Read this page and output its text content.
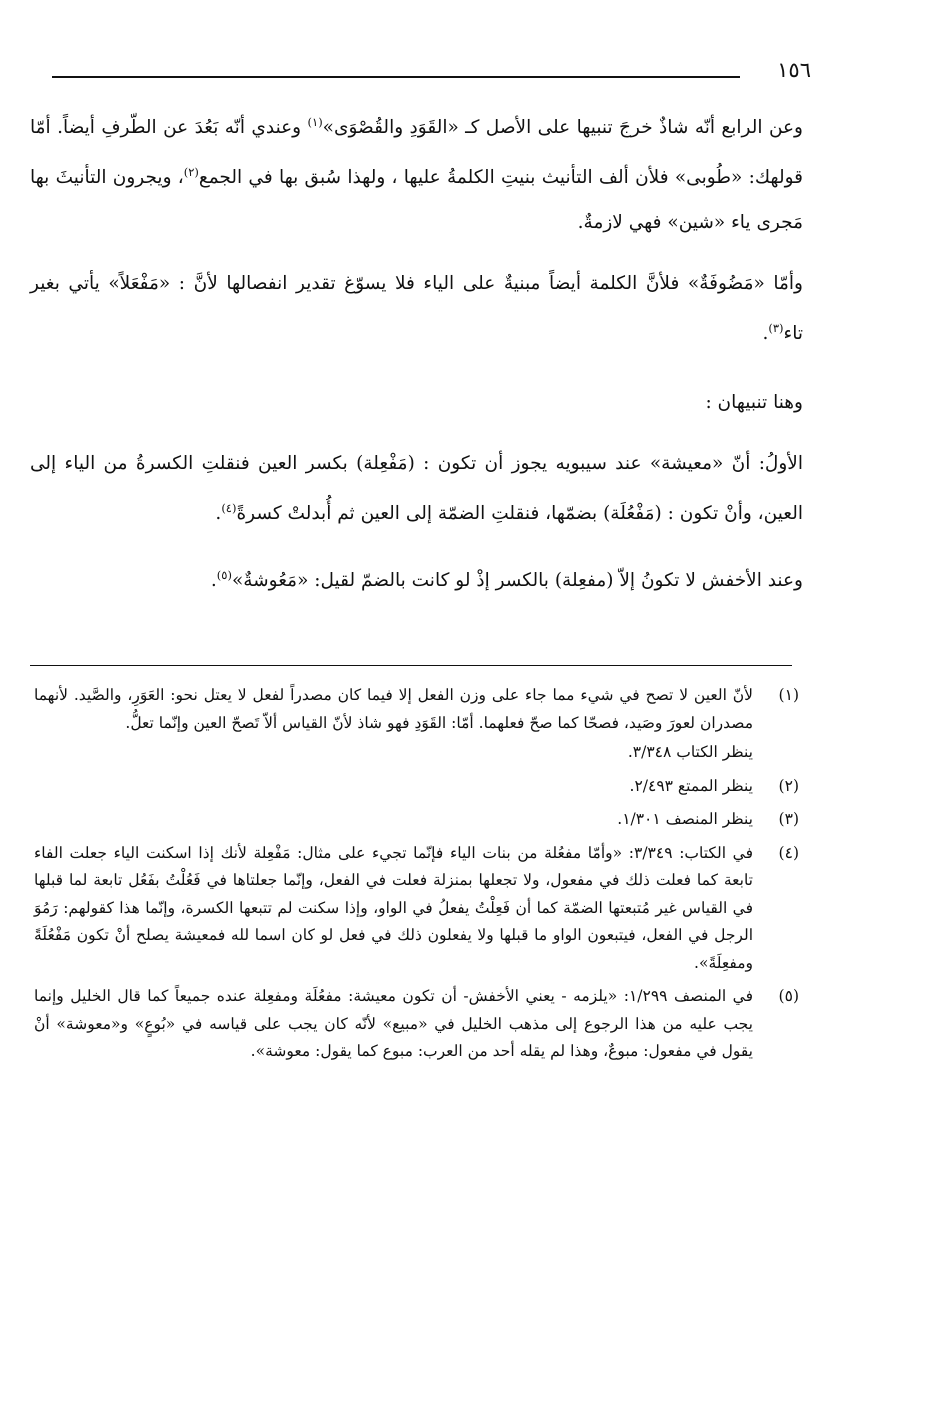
١٥٦

وعن الرابع أنّه شاذٌ خرجَ تنبيها على الأصل كـ «القَوَدِ والقُصْوَى»$^{(١)}$ وعندي أنّه بَعُدَ عن الطّرفِ أيضاً. أمّا قولهك: «طُوبى» فلأن ألف التأنيث بنيتِ الكلمةُ عليها ، ولهذا سُبق بها في الجمع$^{(٢)}$، ويجرون التأنيثَ بها مَجرى ياء «شين» فهي لازمةٌ.

وأمّا «مَضُوفَةٌ» فلأنَّ الكلمة أيضاً مبنيةٌ على الياء فلا يسوّغ تقدير انفصالها لأنَّ : «مَفْعَلاً» يأتي بغير تاء$^{(٣)}$.

وهنا تنبيهان :

الأولُ: أنّ «معيشة» عند سيبويه يجوز أن تكون : (مَفْعِلة) بكسر العين فنقلتِ الكسرةُ من الياء إلى العين، وأنْ تكون : (مَفْعُلَة) بضمّها، فنقلتِ الضمّة إلى العين ثم أُبدلتْ كسرةً$^{(٤)}$.

وعند الأخفش لا تكونُ إلاّ (مفعِلة) بالكسر إذْ لو كانت بالضمّ لقيل: «مَعُوشةٌ»$^{(٥)}$.

(١)
لأنّ العين لا تصح في شيء مما جاء على وزن الفعل إلا فيما كان مصدراً لفعل لا يعتل نحو: العَوَرِ، والصَّيد. لأنهما مصدران لعورَ وصَيد، فصحّا كما صحّ فعلهما. أمّا: القَوَدِ فهو شاذ لأنّ القياس ألاّ تَصحّ العين وإنّما تعلُّ.
ينظر الكتاب ٣/٣٤٨.
(٢)
ينظر الممتع ٢/٤٩٣.
(٣)
ينظر المنصف ١/٣٠١.
(٤)
في الكتاب: ٣/٣٤٩: «وأمّا مفعُلة من بنات الياء فإنّما تجيء على مثال: مَفْعِلة لأنك إذا اسكنت الياء جعلت الفاء تابعة كما فعلت ذلك في مفعول، ولا تجعلها بمنزلة فعلت في الفعل، وإنّما جعلتاها في فَعُلْتُ بفَعُل تابعة لما قبلها في القياس غير مُتبعتها الضمّة كما أن فَعِلْتُ يفعلُ في الواو، وإذا سكنت لم تتبعها الكسرة، وإنّما هذا كقولهم: رَمُوَ الرجل في الفعل، فيتبعون الواو ما قبلها ولا يفعلون ذلك في فعل لو كان اسما لله فمعيشة يصلح أنْ تكون مَفْعُلَةً ومفعِلَةً».
(٥)
في المنصف ١/٢٩٩: «يلزمه - يعني الأخفش- أن تكون معيشة: مفعُلَة ومفعِلة عنده جميعاً كما قال الخليل وإنما يجب عليه من هذا الرجوع إلى مذهب الخليل في «مبيع» لأنّه كان يجب على قياسه في «بُوعٍ» و«معوشة» أنْ يقول في مفعول: مبوعٌ، وهذا لم يقله أحد من العرب: مبوع كما يقول: معوشة».
